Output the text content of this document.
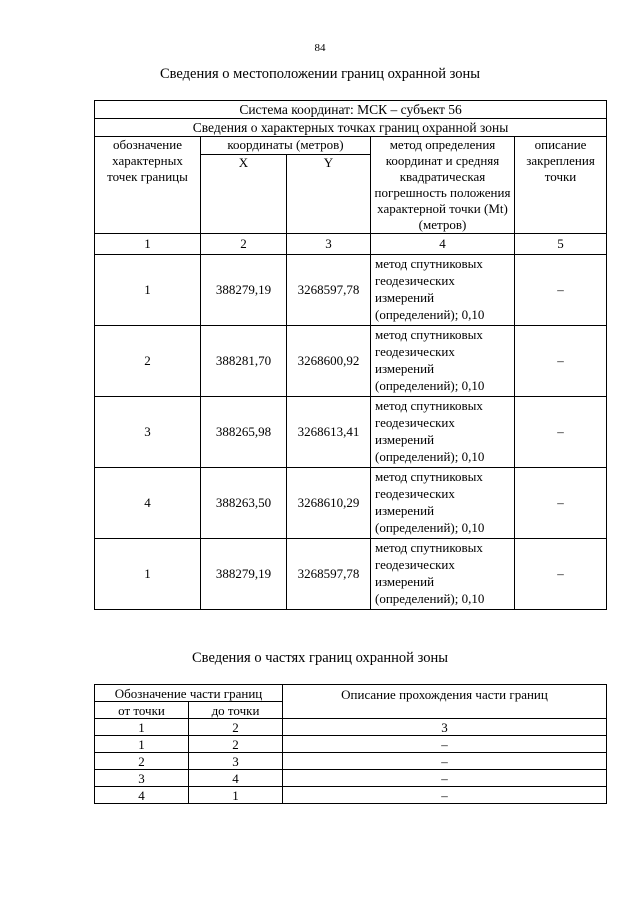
84
Сведения о местоположении границ охранной зоны
Система координат: МСК – субъект 56				
Сведения о характерных точках границ охранной зоны				
обозначение характерных точек границы	координаты (метров)		метод определения координат и средняя квадратическая погрешность положения характерной точки (Mt) (метров)	описание закрепления точки
	X	Y		
1	2	3	4	5
1	388279,19	3268597,78	метод спутниковых геодезических измерений (определений); 0,10	–
2	388281,70	3268600,92	метод спутниковых геодезических измерений (определений); 0,10	–
3	388265,98	3268613,41	метод спутниковых геодезических измерений (определений); 0,10	–
4	388263,50	3268610,29	метод спутниковых геодезических измерений (определений); 0,10	–
1	388279,19	3268597,78	метод спутниковых геодезических измерений (определений); 0,10	–
Сведения о частях границ охранной зоны
Обозначение части границ		Описание прохождения части границ
от точки	до точки	
1	2	3
1	2	–
2	3	–
3	4	–
4	1	–
